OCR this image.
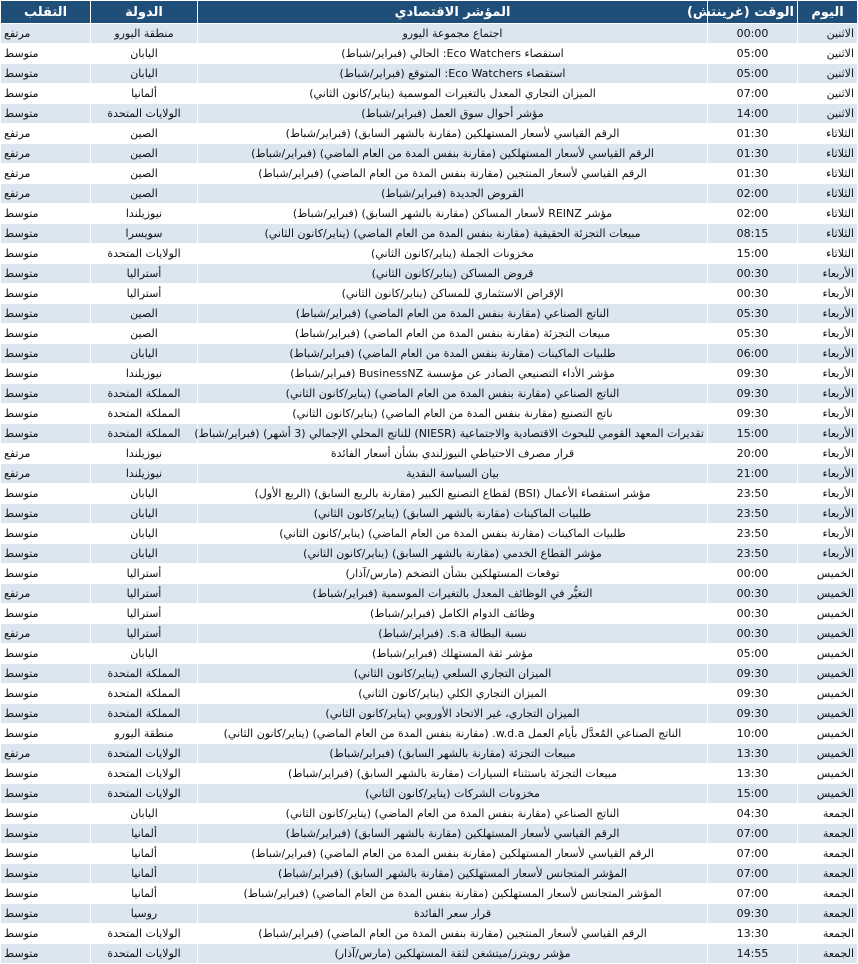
اليوم	الوقت (غرينتش)	المؤشر الاقتصادي	الدولة	التقلب
الاثنين	00:00	اجتماع مجموعة اليورو	منطقة اليورو	مرتفع
الاثنين	05:00	استقصاء Eco Watchers: الحالي (فبراير/شباط)	اليابان	متوسط
الاثنين	05:00	استقصاء Eco Watchers: المتوقع (فبراير/شباط)	اليابان	متوسط
الاثنين	07:00	الميزان التجاري المعدل بالتغيرات الموسمية (يناير/كانون الثاني)	ألمانيا	متوسط
الاثنين	14:00	مؤشر أحوال سوق العمل (فبراير/شباط)	الولايات المتحدة	متوسط
الثلاثاء	01:30	الرقم القياسي لأسعار المستهلكين (مقارنة بالشهر السابق) (فبراير/شباط)	الصين	مرتفع
الثلاثاء	01:30	الرقم القياسي لأسعار المستهلكين (مقارنة بنفس المدة من العام الماضي) (فبراير/شباط)	الصين	مرتفع
الثلاثاء	01:30	الرقم القياسي لأسعار المنتجين (مقارنة بنفس المدة من العام الماضي) (فبراير/شباط)	الصين	مرتفع
الثلاثاء	02:00	القروض الجديدة (فبراير/شباط)	الصين	مرتفع
الثلاثاء	02:00	مؤشر REINZ لأسعار المساكن (مقارنة بالشهر السابق) (فبراير/شباط)	نيوزيلندا	متوسط
الثلاثاء	08:15	مبيعات التجزئة الحقيقية (مقارنة بنفس المدة من العام الماضي) (يناير/كانون الثاني)	سويسرا	متوسط
الثلاثاء	15:00	مخزونات الجملة (يناير/كانون الثاني)	الولايات المتحدة	متوسط
الأربعاء	00:30	قروض المساكن (يناير/كانون الثاني)	أستراليا	متوسط
الأربعاء	00:30	الإقراض الاستثماري للمساكن (يناير/كانون الثاني)	أستراليا	متوسط
الأربعاء	05:30	الناتج الصناعي (مقارنة بنفس المدة من العام الماضي) (فبراير/شباط)	الصين	متوسط
الأربعاء	05:30	مبيعات التجزئة (مقارنة بنفس المدة من العام الماضي) (فبراير/شباط)	الصين	متوسط
الأربعاء	06:00	طلبيات الماكينات (مقارنة بنفس المدة من العام الماضي) (فبراير/شباط)	اليابان	متوسط
الأربعاء	09:30	مؤشر الأداء التصنيعي الصادر عن مؤسسة BusinessNZ (فبراير/شباط)	نيوزيلندا	متوسط
الأربعاء	09:30	الناتج الصناعي (مقارنة بنفس المدة من العام الماضي) (يناير/كانون الثاني)	المملكة المتحدة	متوسط
الأربعاء	09:30	ناتج التصنيع (مقارنة بنفس المدة من العام الماضي) (يناير/كانون الثاني)	المملكة المتحدة	متوسط
الأربعاء	15:00	تقديرات المعهد القومي للبحوث الاقتصادية والاجتماعية (NIESR) للناتج المحلي الإجمالي (3 أشهر) (فبراير/شباط)	المملكة المتحدة	متوسط
الأربعاء	20:00	قرار مصرف الاحتياطي النيوزلندي بشأن أسعار الفائدة	نيوزيلندا	مرتفع
الأربعاء	21:00	بيان السياسة النقدية	نيوزيلندا	مرتفع
الأربعاء	23:50	مؤشر استقصاء الأعمال (BSI) لقطاع التصنيع الكبير (مقارنة بالربع السابق) (الربع الأول)	اليابان	متوسط
الأربعاء	23:50	طلبيات الماكينات (مقارنة بالشهر السابق) (يناير/كانون الثاني)	اليابان	متوسط
الأربعاء	23:50	طلبيات الماكينات (مقارنة بنفس المدة من العام الماضي) (يناير/كانون الثاني)	اليابان	متوسط
الأربعاء	23:50	مؤشر القطاع الخدمي (مقارنة بالشهر السابق) (يناير/كانون الثاني)	اليابان	متوسط
الخميس	00:00	توقعات المستهلكين بشأن التضخم (مارس/آذار)	أستراليا	متوسط
الخميس	00:30	التغيُّر في الوظائف المعدل بالتغيرات الموسمية (فبراير/شباط)	أستراليا	مرتفع
الخميس	00:30	وظائف الدوام الكامل (فبراير/شباط)	أستراليا	متوسط
الخميس	00:30	نسبة البطالة s.a. (فبراير/شباط)	أستراليا	مرتفع
الخميس	05:00	مؤشر ثقة المستهلك (فبراير/شباط)	اليابان	متوسط
الخميس	09:30	الميزان التجاري السلعي (يناير/كانون الثاني)	المملكة المتحدة	متوسط
الخميس	09:30	الميزان التجاري الكلي (يناير/كانون الثاني)	المملكة المتحدة	متوسط
الخميس	09:30	الميزان التجاري، غير الاتحاد الأوروبي (يناير/كانون الثاني)	المملكة المتحدة	متوسط
الخميس	10:00	الناتج الصناعي المُعدَّل بأيام العمل w.d.a. (مقارنة بنفس المدة من العام الماضي) (يناير/كانون الثاني)	منطقة اليورو	متوسط
الخميس	13:30	مبيعات التجزئة (مقارنة بالشهر السابق) (فبراير/شباط)	الولايات المتحدة	مرتفع
الخميس	13:30	مبيعات التجزئة باستثناء السيارات (مقارنة بالشهر السابق) (فبراير/شباط)	الولايات المتحدة	متوسط
الخميس	15:00	مخزونات الشركات (يناير/كانون الثاني)	الولايات المتحدة	متوسط
الجمعة	04:30	الناتج الصناعي (مقارنة بنفس المدة من العام الماضي) (يناير/كانون الثاني)	اليابان	متوسط
الجمعة	07:00	الرقم القياسي لأسعار المستهلكين (مقارنة بالشهر السابق) (فبراير/شباط)	ألمانيا	متوسط
الجمعة	07:00	الرقم القياسي لأسعار المستهلكين (مقارنة بنفس المدة من العام الماضي) (فبراير/شباط)	ألمانيا	متوسط
الجمعة	07:00	المؤشر المتجانس لأسعار المستهلكين (مقارنة بالشهر السابق) (فبراير/شباط)	ألمانيا	متوسط
الجمعة	07:00	المؤشر المتجانس لأسعار المستهلكين (مقارنة بنفس المدة من العام الماضي) (فبراير/شباط)	ألمانيا	متوسط
الجمعة	09:30	قرار سعر الفائدة	روسيا	متوسط
الجمعة	13:30	الرقم القياسي لأسعار المنتجين (مقارنة بنفس المدة من العام الماضي) (فبراير/شباط)	الولايات المتحدة	متوسط
الجمعة	14:55	مؤشر رويترز/ميتشغن لثقة المستهلكين (مارس/آذار)	الولايات المتحدة	متوسط
